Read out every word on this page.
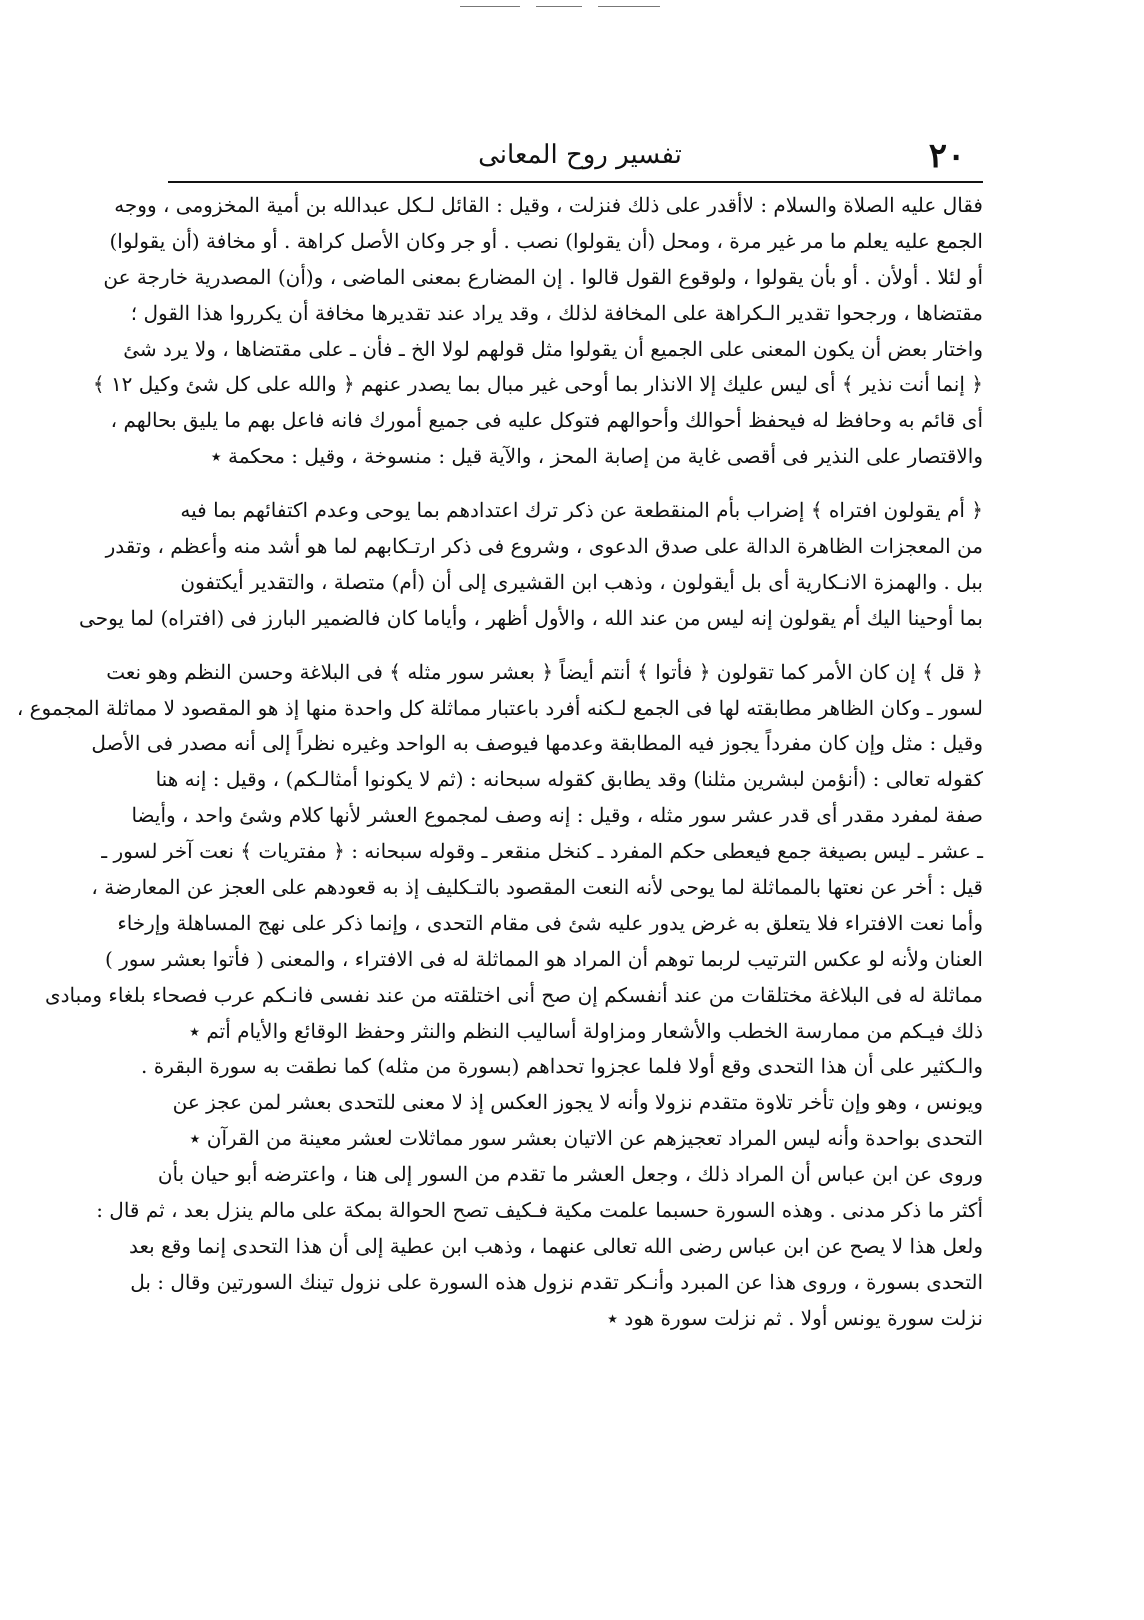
٢٠
تفسير روح المعانى
فقال عليه الصلاة والسلام : لاأقدر على ذلك فنزلت ، وقيل : القائل لـكل عبدالله بن أمية المخزومى ، ووجه
الجمع عليه يعلم ما مر غير مرة ، ومحل (أن يقولوا) نصب . أو جر وكان الأصل كراهة . أو مخافة (أن يقولوا)
أو لئلا . أولأن . أو بأن يقولوا ، ولوقوع القول قالوا . إن المضارع بمعنى الماضى ، و(أن) المصدرية خارجة عن
مقتضاها ، ورجحوا تقدير الـكراهة على المخافة لذلك ، وقد يراد عند تقديرها مخافة أن يكرروا هذا القول ؛
واختار بعض أن يكون المعنى على الجميع أن يقولوا مثل قولهم لولا الخ ـ فأن ـ على مقتضاها ، ولا يرد شئ
﴿ إنما أنت نذير ﴾ أى ليس عليك إلا الانذار بما أوحى غير مبال بما يصدر عنهم ﴿ والله على كل شئ وكيل ١٢ ﴾
أى قائم به وحافظ له فيحفظ أحوالك وأحوالهم فتوكل عليه فى جميع أمورك فانه فاعل بهم ما يليق بحالهم ،
والاقتصار على النذير فى أقصى غاية من إصابة المحز ، والآية قيل : منسوخة ، وقيل : محكمة ٭
﴿ أم يقولون افتراه ﴾ إضراب بأم المنقطعة عن ذكر ترك اعتدادهم بما يوحى وعدم اكتفائهم بما فيه
من المعجزات الظاهرة الدالة على صدق الدعوى ، وشروع فى ذكر ارتـكابهم لما هو أشد منه وأعظم ، وتقدر
ببل . والهمزة الانـكارية أى بل أيقولون ، وذهب ابن القشيرى إلى أن (أم) متصلة ، والتقدير أيكتفون
بما أوحينا اليك أم يقولون إنه ليس من عند الله ، والأول أظهر ، وأياما كان فالضمير البارز فى (افتراه) لما يوحى
﴿ قل ﴾ إن كان الأمر كما تقولون ﴿ فأتوا ﴾ أنتم أيضاً ﴿ بعشر سور مثله ﴾ فى البلاغة وحسن النظم وهو نعت
لسور ـ وكان الظاهر مطابقته لها فى الجمع لـكنه أفرد باعتبار مماثلة كل واحدة منها إذ هو المقصود لا مماثلة المجموع ،
وقيل : مثل وإن كان مفرداً يجوز فيه المطابقة وعدمها فيوصف به الواحد وغيره نظراً إلى أنه مصدر فى الأصل
كقوله تعالى : (أنؤمن لبشرين مثلنا) وقد يطابق كقوله سبحانه : (ثم لا يكونوا أمثالـكم) ، وقيل : إنه هنا
صفة لمفرد مقدر أى قدر عشر سور مثله ، وقيل : إنه وصف لمجموع العشر لأنها كلام وشئ واحد ، وأيضا
ـ عشر ـ ليس بصيغة جمع فيعطى حكم المفرد ـ كنخل منقعر ـ وقوله سبحانه : ﴿ مفتريات ﴾ نعت آخر لسور ـ
قيل : أخر عن نعتها بالمماثلة لما يوحى لأنه النعت المقصود بالتـكليف إذ به قعودهم على العجز عن المعارضة ،
وأما نعت الافتراء فلا يتعلق به غرض يدور عليه شئ فى مقام التحدى ، وإنما ذكر على نهج المساهلة وإرخاء
العنان ولأنه لو عكس الترتيب لربما توهم أن المراد هو المماثلة له فى الافتراء ، والمعنى ( فأتوا بعشر سور )
مماثلة له فى البلاغة مختلقات من عند أنفسكم إن صح أنى اختلقته من عند نفسى فانـكم عرب فصحاء بلغاء ومبادى
ذلك فيـكم من ممارسة الخطب والأشعار ومزاولة أساليب النظم والنثر وحفظ الوقائع والأيام أتم ٭
والـكثير على أن هذا التحدى وقع أولا فلما عجزوا تحداهم (بسورة من مثله) كما نطقت به سورة البقرة .
ويونس ، وهو وإن تأخر تلاوة متقدم نزولا وأنه لا يجوز العكس إذ لا معنى للتحدى بعشر لمن عجز عن
التحدى بواحدة وأنه ليس المراد تعجيزهم عن الاتيان بعشر سور مماثلات لعشر معينة من القرآن ٭
وروى عن ابن عباس أن المراد ذلك ، وجعل العشر ما تقدم من السور إلى هنا ، واعترضه أبو حيان بأن
أكثر ما ذكر مدنى . وهذه السورة حسبما علمت مكية فـكيف تصح الحوالة بمكة على مالم ينزل بعد ، ثم قال :
ولعل هذا لا يصح عن ابن عباس رضى الله تعالى عنهما ، وذهب ابن عطية إلى أن هذا التحدى إنما وقع بعد
التحدى بسورة ، وروى هذا عن المبرد وأنـكر تقدم نزول هذه السورة على نزول تينك السورتين وقال : بل
نزلت سورة يونس أولا . ثم نزلت سورة هود ٭
